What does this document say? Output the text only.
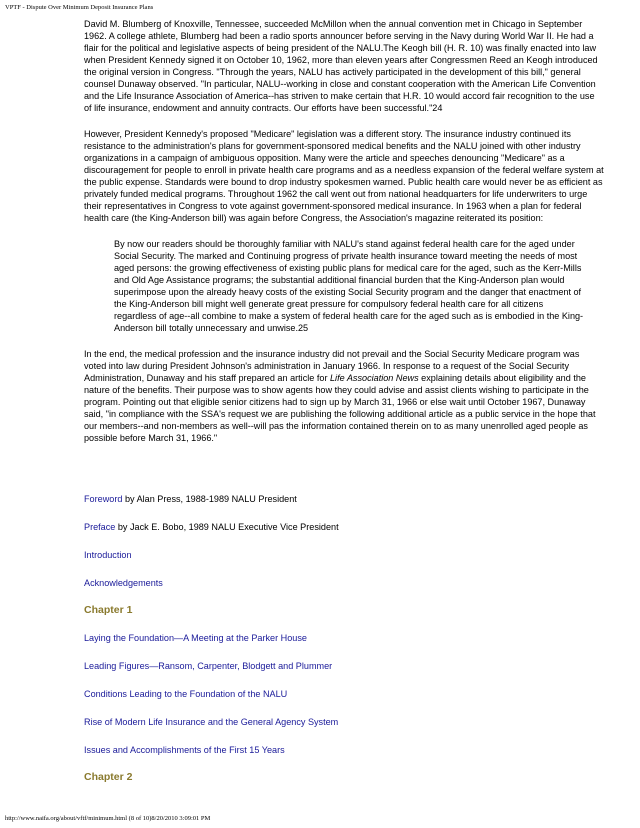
VPTF - Dispute Over Minimum Deposit Insurance Plans

David M. Blumberg of Knoxville, Tennessee, succeeded McMillon when the annual convention met in Chicago in September 1962. A college athlete, Blumberg had been a radio sports announcer before serving in the Navy during World War II. He had a flair for the political and legislative aspects of being president of the NALU.The Keogh bill (H. R. 10) was finally enacted into law when President Kennedy signed it on October 10, 1962, more than eleven years after Congressmen Reed an Keogh introduced the original version in Congress. "Through the years, NALU has actively participated in the development of this bill," general counsel Dunaway observed. "In particular, NALU--working in close and constant cooperation with the American Life Convention and the Life Insurance Association of America--has striven to make certain that H.R. 10 would accord fair recognition to the use of life insurance, endowment and annuity contracts. Our efforts have been successful."24

However, President Kennedy's proposed "Medicare" legislation was a different story. The insurance industry continued its resistance to the administration's plans for government-sponsored medical benefits and the NALU joined with other industry organizations in a campaign of ambiguous opposition. Many were the article and speeches denouncing "Medicare" as a discouragement for people to enroll in private health care programs and as a needless expansion of the federal welfare system at the public expense. Standards were bound to drop industry spokesmen warned. Public health care would never be as efficient as privately funded medical programs. Throughout 1962 the call went out from national headquarters for life underwriters to urge their representatives in Congress to vote against government-sponsored medical insurance. In 1963 when a plan for federal health care (the King-Anderson bill) was again before Congress, the Association's magazine reiterated its position:

By now our readers should be thoroughly familiar with NALU's stand against federal health care for the aged under Social Security. The marked and Continuing progress of private health insurance toward meeting the needs of most aged persons: the growing effectiveness of existing public plans for medical care for the aged, such as the Kerr-Mills and Old Age Assistance programs; the substantial additional financial burden that the King-Anderson plan would superimpose upon the already heavy costs of the existing Social Security program and the danger that enactment of the King-Anderson bill might well generate great pressure for compulsory federal health care for all citizens regardless of age--all combine to make a system of federal health care for the aged such as is embodied in the King-Anderson bill totally unnecessary and unwise.25

In the end, the medical profession and the insurance industry did not prevail and the Social Security Medicare program was voted into law during President Johnson's administration in January 1966. In response to a request of the Social Security Administration, Dunaway and his staff prepared an article for Life Association News explaining details about eligibility and the nature of the benefits. Their purpose was to show agents how they could advise and assist clients wishing to participate in the program. Pointing out that eligible senior citizens had to sign up by March 31, 1966 or else wait until October 1967, Dunaway said, "in compliance with the SSA's request we are publishing the following additional article as a public service in the hope that our members--and non-members as well--will pas the information contained therein on to as many unenrolled aged people as possible before March 31, 1966."

Foreword by Alan Press, 1988-1989 NALU President
Preface by Jack E. Bobo, 1989 NALU Executive Vice President
Introduction
Acknowledgements
Chapter 1
Laying the Foundation—A Meeting at the Parker House
Leading Figures—Ransom, Carpenter, Blodgett and Plummer
Conditions Leading to the Foundation of the NALU
Rise of Modern Life Insurance and the General Agency System
Issues and Accomplishments of the First 15 Years
Chapter 2
http://www.naifa.org/about/vftf/minimum.html (8 of 10)8/20/2010 3:09:01 PM
